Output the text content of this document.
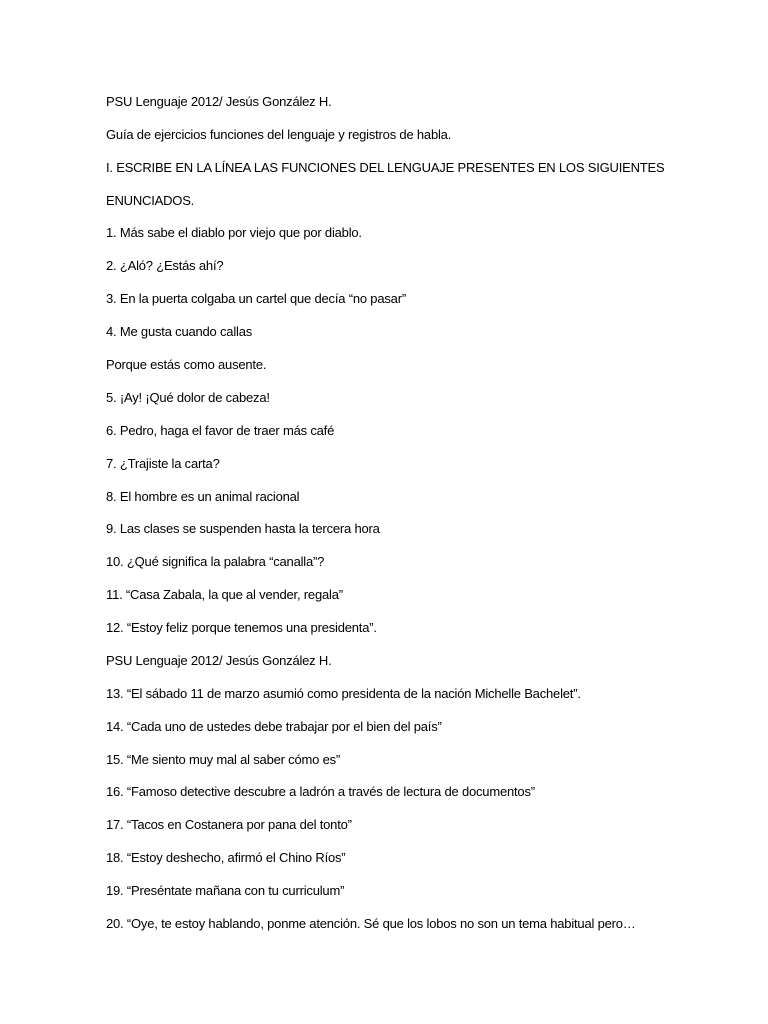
PSU Lenguaje 2012/ Jesús González H.
Guía de ejercicios funciones del lenguaje y registros de habla.
I. ESCRIBE EN LA LÍNEA LAS FUNCIONES DEL LENGUAJE PRESENTES EN LOS SIGUIENTES
ENUNCIADOS.
1. Más sabe el diablo por viejo que por diablo.
2. ¿Aló? ¿Estás ahí?
3. En la puerta colgaba un cartel que decía “no pasar”
4. Me gusta cuando callas
Porque estás como ausente.
5. ¡Ay! ¡Qué dolor de cabeza!
6. Pedro, haga el favor de traer más café
7. ¿Trajiste la carta?
8. El hombre es un animal racional
9. Las clases se suspenden hasta la tercera hora
10. ¿Qué significa la palabra “canalla”?
11. “Casa Zabala, la que al vender, regala”
12. “Estoy feliz porque tenemos una presidenta”.
PSU Lenguaje 2012/ Jesús González H.
13. “El sábado 11 de marzo asumió como presidenta de la nación Michelle Bachelet”.
14. “Cada uno de ustedes debe trabajar por el bien del país”
15. “Me siento muy mal al saber cómo es”
16. “Famoso detective descubre a ladrón a través de lectura de documentos”
17. “Tacos en Costanera por pana del tonto”
18. “Estoy deshecho, afirmó el Chino Ríos”
19. “Preséntate mañana con tu curriculum”
20. “Oye, te estoy hablando, ponme atención. Sé que los lobos no son un tema habitual pero…
